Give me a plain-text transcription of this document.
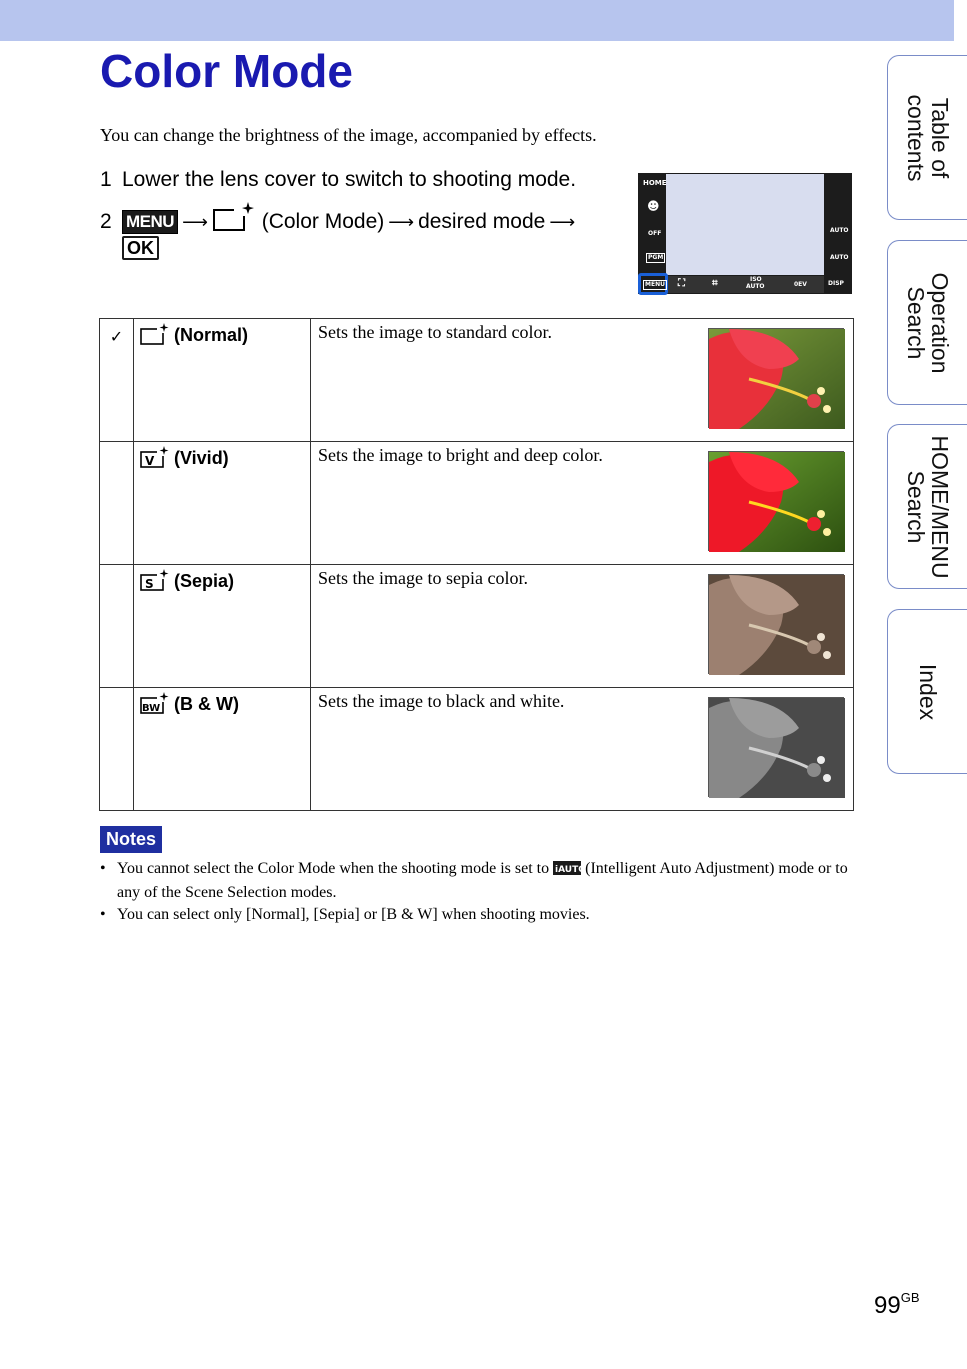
Color Mode

You can change the brightness of the image, accompanied by effects.

1 Lower the lens cover to switch to shooting mode.
2 MENU ⟶	(Color Mode) ⟶ desired mode ⟶
OK
HOME
☻
OFF
PGM
AUTO
AUTO
⛶	⌗	ISO
AUTO	0EV	DISP
MENU
✓	(Normal)	Sets the image to standard color.

V (Vivid)	Sets the image to bright and deep color.

S (Sepia)	Sets the image to sepia color.

BW (B & W)	Sets the image to black and white.
Notes
• You cannot select the Color Mode when the shooting mode is set to iAUTO (Intelligent Auto Adjustment) mode or to any of the Scene Selection modes.
• You can select only [Normal], [Sepia] or [B & W] when shooting movies.
Table of
contents
Operation
Search
HOME/MENU
Search
Index
$99^{GB}$
